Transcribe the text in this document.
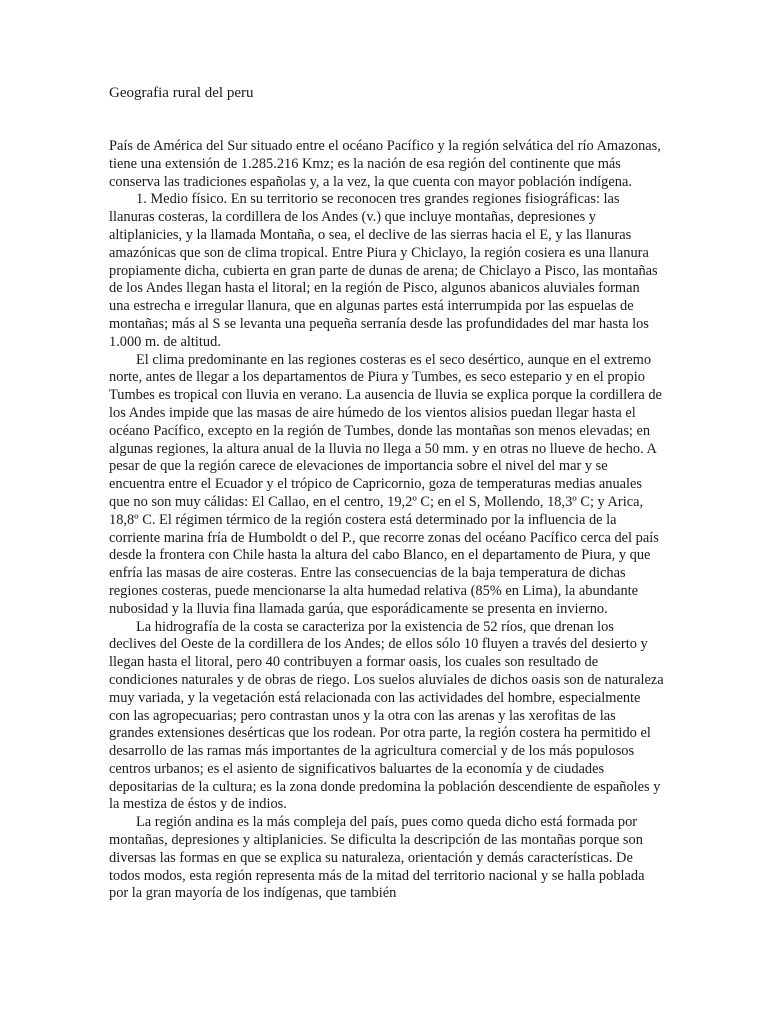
Geografia rural del peru

País de América del Sur situado entre el océano Pacífico y la región selvática del río Amazonas, tiene una extensión de 1.285.216 Kmz; es la nación de esa región del continente que más conserva las tradiciones españolas y, a la vez, la que cuenta con mayor población indígena.

1. Medio físico. En su territorio se reconocen tres grandes regiones fisiográficas: las llanuras costeras, la cordillera de los Andes (v.) que incluye montañas, depresiones y altiplanicies, y la llamada Montaña, o sea, el declive de las sierras hacia el E, y las llanuras amazónicas que son de clima tropical. Entre Piura y Chiclayo, la región cosiera es una llanura propiamente dicha, cubierta en gran parte de dunas de arena; de Chiclayo a Pisco, las montañas de los Andes llegan hasta el litoral; en la región de Pisco, algunos abanicos aluviales forman una estrecha e irregular llanura, que en algunas partes está interrumpida por las espuelas de montañas; más al S se levanta una pequeña serranía desde las profundidades del mar hasta los 1.000 m. de altitud.

El clima predominante en las regiones costeras es el seco desértico, aunque en el extremo norte, antes de llegar a los departamentos de Piura y Tumbes, es seco estepario y en el propio Tumbes es tropical con lluvia en verano. La ausencia de lluvia se explica porque la cordillera de los Andes impide que las masas de aire húmedo de los vientos alisios puedan llegar hasta el océano Pacífico, excepto en la región de Tumbes, donde las montañas son menos elevadas; en algunas regiones, la altura anual de la lluvia no llega a 50 mm. y en otras no llueve de hecho. A pesar de que la región carece de elevaciones de importancia sobre el nivel del mar y se encuentra entre el Ecuador y el trópico de Capricornio, goza de temperaturas medias anuales que no son muy cálidas: El Callao, en el centro, 19,2º C; en el S, Mollendo, 18,3º C; y Arica, 18,8º C. El régimen térmico de la región costera está determinado por la influencia de la corriente marina fría de Humboldt o del P., que recorre zonas del océano Pacífico cerca del país desde la frontera con Chile hasta la altura del cabo Blanco, en el departamento de Piura, y que enfría las masas de aire costeras. Entre las consecuencias de la baja temperatura de dichas regiones costeras, puede mencionarse la alta humedad relativa (85% en Lima), la abundante nubosidad y la lluvia fina llamada garúa, que esporádicamente se presenta en invierno.

La hidrografía de la costa se caracteriza por la existencia de 52 ríos, que drenan los declives del Oeste de la cordillera de los Andes; de ellos sólo 10 fluyen a través del desierto y llegan hasta el litoral, pero 40 contribuyen a formar oasis, los cuales son resultado de condiciones naturales y de obras de riego. Los suelos aluviales de dichos oasis son de naturaleza muy variada, y la vegetación está relacionada con las actividades del hombre, especialmente con las agropecuarias; pero contrastan unos y la otra con las arenas y las xerofitas de las grandes extensiones desérticas que los rodean. Por otra parte, la región costera ha permitido el desarrollo de las ramas más importantes de la agricultura comercial y de los más populosos centros urbanos; es el asiento de significativos baluartes de la economía y de ciudades depositarias de la cultura; es la zona donde predomina la población descendiente de españoles y la mestiza de éstos y de indios.

La región andina es la más compleja del país, pues como queda dicho está formada por montañas, depresiones y altiplanicies. Se dificulta la descripción de las montañas porque son diversas las formas en que se explica su naturaleza, orientación y demás características. De todos modos, esta región representa más de la mitad del territorio nacional y se halla poblada por la gran mayoría de los indígenas, que también
